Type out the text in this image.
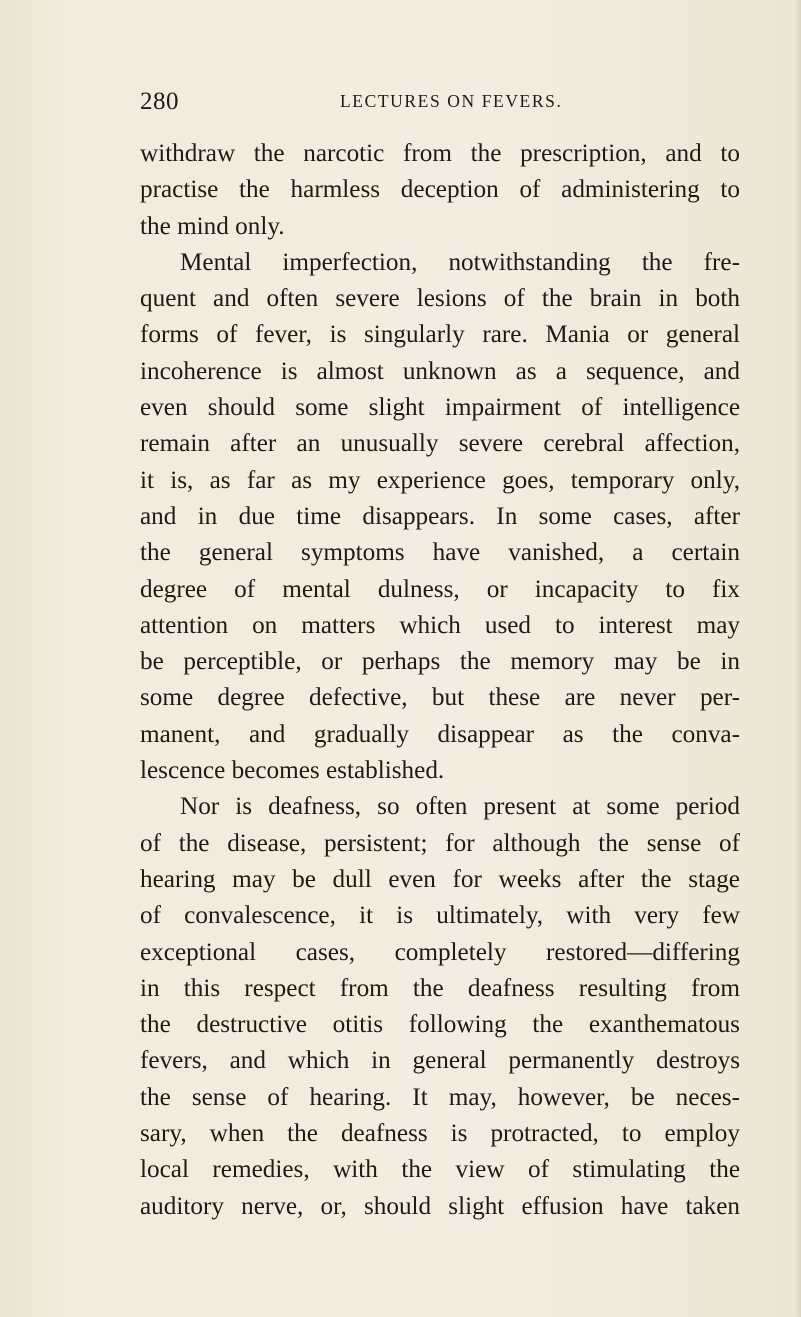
280	LECTURES ON FEVERS.
withdraw the narcotic from the prescription, and to
practise the harmless deception of administering to
the mind only.
Mental imperfection, notwithstanding the fre-
quent and often severe lesions of the brain in both
forms of fever, is singularly rare. Mania or general
incoherence is almost unknown as a sequence, and
even should some slight impairment of intelligence
remain after an unusually severe cerebral affection,
it is, as far as my experience goes, temporary only,
and in due time disappears. In some cases, after
the general symptoms have vanished, a certain
degree of mental dulness, or incapacity to fix
attention on matters which used to interest may
be perceptible, or perhaps the memory may be in
some degree defective, but these are never per-
manent, and gradually disappear as the conva-
lescence becomes established.
Nor is deafness, so often present at some period
of the disease, persistent; for although the sense of
hearing may be dull even for weeks after the stage
of convalescence, it is ultimately, with very few
exceptional cases, completely restored—differing
in this respect from the deafness resulting from
the destructive otitis following the exanthematous
fevers, and which in general permanently destroys
the sense of hearing. It may, however, be neces-
sary, when the deafness is protracted, to employ
local remedies, with the view of stimulating the
auditory nerve, or, should slight effusion have taken
